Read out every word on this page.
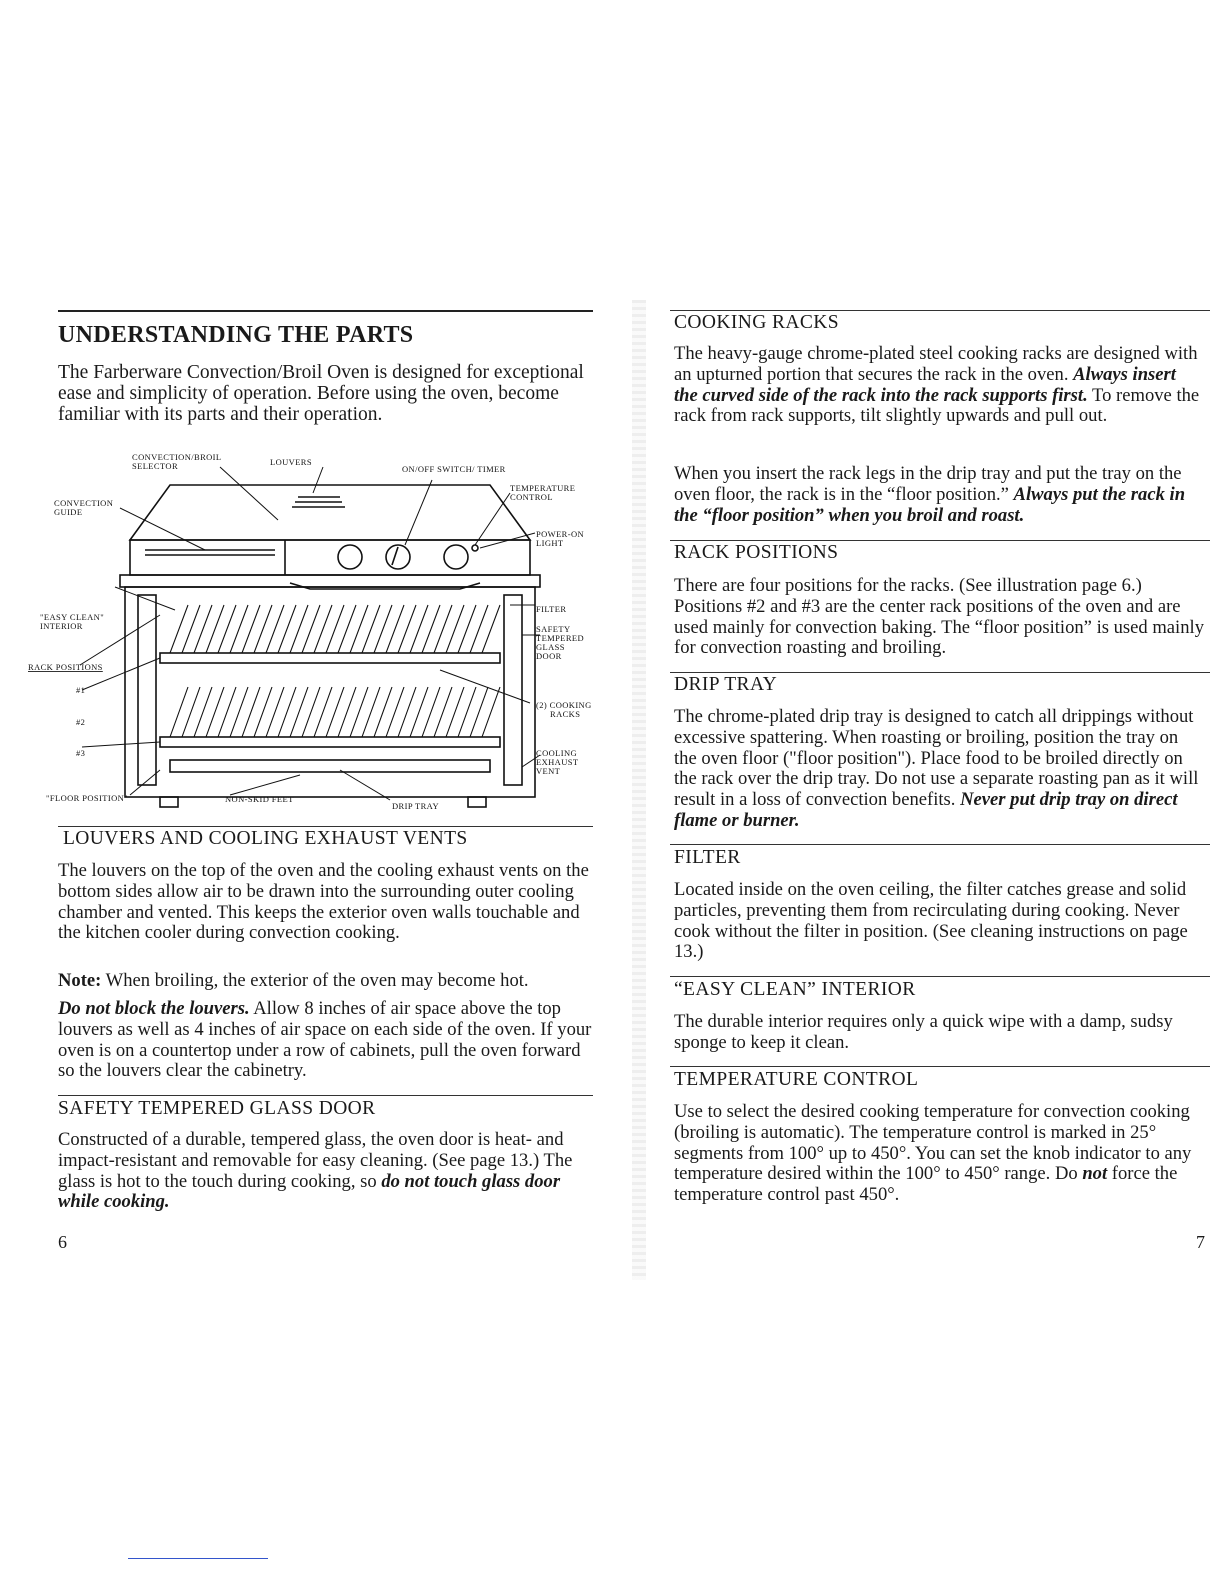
UNDERSTANDING THE PARTS

The Farberware Convection/Broil Oven is designed for exceptional ease and simplicity of operation. Before using the oven, become familiar with its parts and their operation.

CONVECTION/BROIL
SELECTOR	LOUVERS
ON/OFF SWITCH/ TIMER
TEMPERATURE
CONTROL
CONVECTION
GUIDE
POWER-ON
LIGHT
"EASY CLEAN"
INTERIOR
FILTER
SAFETY
TEMPERED
GLASS
DOOR
RACK POSITIONS
#1
#2
#3
(2) COOKING
RACKS
COOLING
EXHAUST
VENT
"FLOOR POSITION"	NON-SKID FEET
DRIP TRAY
LOUVERS AND COOLING EXHAUST VENTS

The louvers on the top of the oven and the cooling exhaust vents on the bottom sides allow air to be drawn into the surrounding outer cooling chamber and vented. This keeps the exterior oven walls touchable and the kitchen cooler during convection cooking.

Note: When broiling, the exterior of the oven may become hot.

Do not block the louvers. Allow 8 inches of air space above the top louvers as well as 4 inches of air space on each side of the oven. If your oven is on a countertop under a row of cabinets, pull the oven forward so the louvers clear the cabinetry.

SAFETY TEMPERED GLASS DOOR

Constructed of a durable, tempered glass, the oven door is heat- and impact-resistant and removable for easy cleaning. (See page 13.) The glass is hot to the touch during cooking, so do not touch glass door while cooking.

6
COOKING RACKS

The heavy-gauge chrome-plated steel cooking racks are designed with an upturned portion that secures the rack in the oven. Always insert the curved side of the rack into the rack supports first. To remove the rack from rack supports, tilt slightly upwards and pull out.

When you insert the rack legs in the drip tray and put the tray on the oven floor, the rack is in the “floor position.” Always put the rack in the “floor position” when you broil and roast.

RACK POSITIONS

There are four positions for the racks. (See illustration page 6.) Positions #2 and #3 are the center rack positions of the oven and are used mainly for convection baking. The “floor position” is used mainly for convection roasting and broiling.

DRIP TRAY

The chrome-plated drip tray is designed to catch all drippings without excessive spattering. When roasting or broiling, position the tray on the oven floor ("floor position"). Place food to be broiled directly on the rack over the drip tray. Do not use a separate roasting pan as it will result in a loss of convection benefits. Never put drip tray on direct flame or burner.

FILTER

Located inside on the oven ceiling, the filter catches grease and solid particles, preventing them from recirculating during cooking. Never cook without the filter in position. (See cleaning instructions on page 13.)

“EASY CLEAN” INTERIOR

The durable interior requires only a quick wipe with a damp, sudsy sponge to keep it clean.

TEMPERATURE CONTROL

Use to select the desired cooking temperature for convection cooking (broiling is automatic). The temperature control is marked in 25° segments from 100° up to 450°. You can set the knob indicator to any temperature desired within the 100° to 450° range. Do not force the temperature control past 450°.

7
